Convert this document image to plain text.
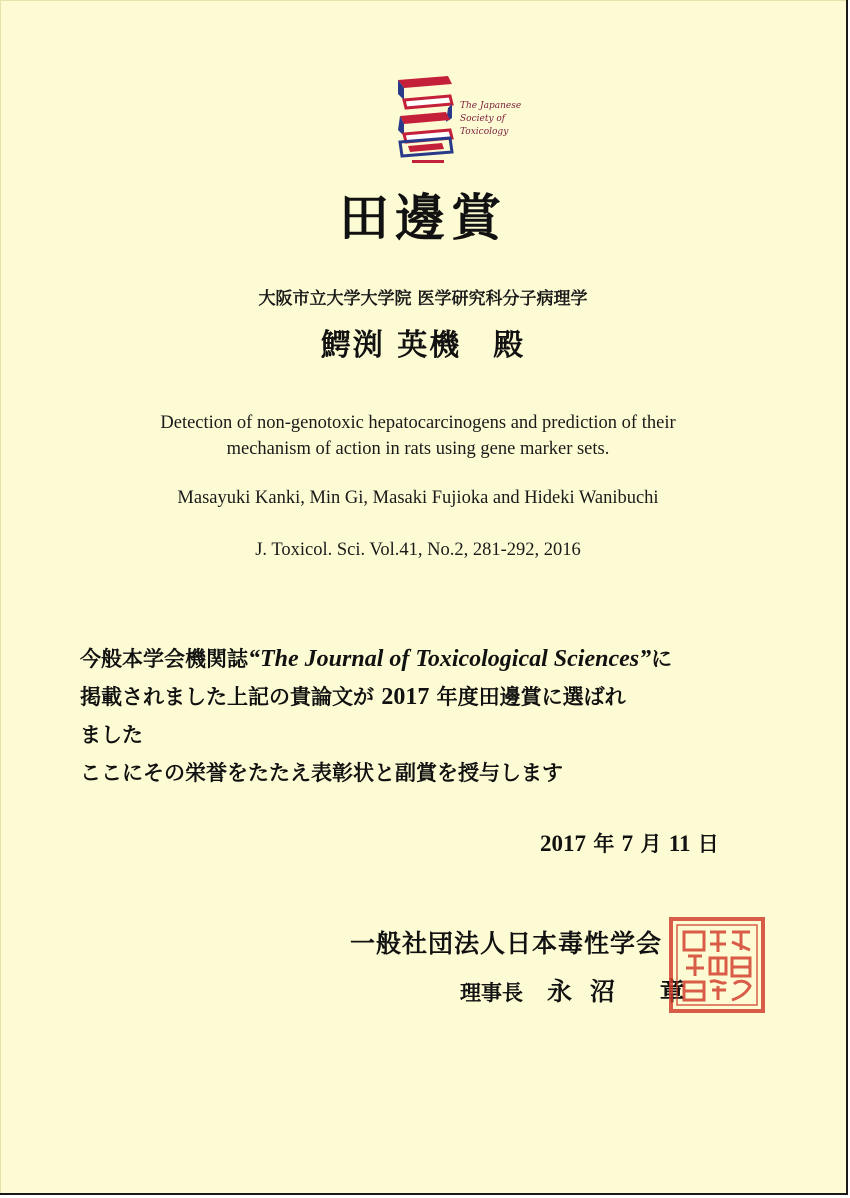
The Japanese
Society of
Toxicology
田邊賞
大阪市立大学大学院 医学研究科分子病理学
鰐渕 英機　殿
Detection of non-genotoxic hepatocarcinogens and prediction of their
mechanism of action in rats using gene marker sets.
Masayuki Kanki, Min Gi, Masaki Fujioka and Hideki Wanibuchi
J. Toxicol. Sci. Vol.41, No.2, 281-292, 2016
今般本学会機関誌“The Journal of Toxicological Sciences”に
掲載されました上記の貴論文が 2017 年度田邊賞に選ばれ
ました
ここにその栄誉をたたえ表彰状と副賞を授与します
2017 年 7 月 11 日
一般社団法人日本毒性学会
理事長 永沼 章
